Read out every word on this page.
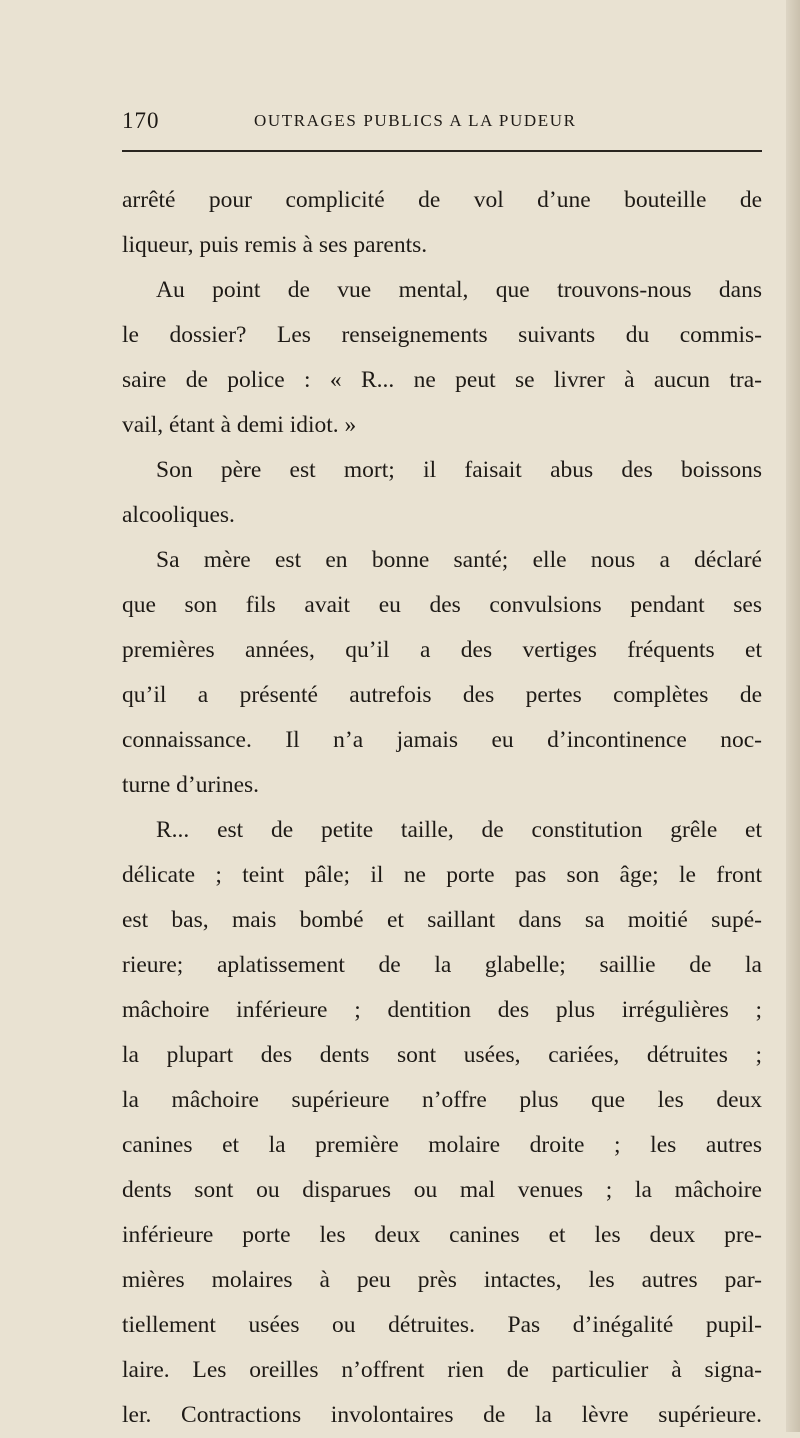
170	OUTRAGES PUBLICS A LA PUDEUR
arrêté pour complicité de vol d’une bouteille de
liqueur, puis remis à ses parents.
Au point de vue mental, que trouvons-nous dans
le dossier? Les renseignements suivants du commis-
saire de police : « R... ne peut se livrer à aucun tra-
vail, étant à demi idiot. »
Son père est mort; il faisait abus des boissons
alcooliques.
Sa mère est en bonne santé; elle nous a déclaré
que son fils avait eu des convulsions pendant ses
premières années, qu’il a des vertiges fréquents et
qu’il a présenté autrefois des pertes complètes de
connaissance. Il n’a jamais eu d’incontinence noc-
turne d’urines.
R... est de petite taille, de constitution grêle et
délicate ; teint pâle; il ne porte pas son âge; le front
est bas, mais bombé et saillant dans sa moitié supé-
rieure; aplatissement de la glabelle; saillie de la
mâchoire inférieure ; dentition des plus irrégulières ;
la plupart des dents sont usées, cariées, détruites ;
la mâchoire supérieure n’offre plus que les deux
canines et la première molaire droite ; les autres
dents sont ou disparues ou mal venues ; la mâchoire
inférieure porte les deux canines et les deux pre-
mières molaires à peu près intactes, les autres par-
tiellement usées ou détruites. Pas d’inégalité pupil-
laire. Les oreilles n’offrent rien de particulier à signa-
ler. Contractions involontaires de la lèvre supérieure.
